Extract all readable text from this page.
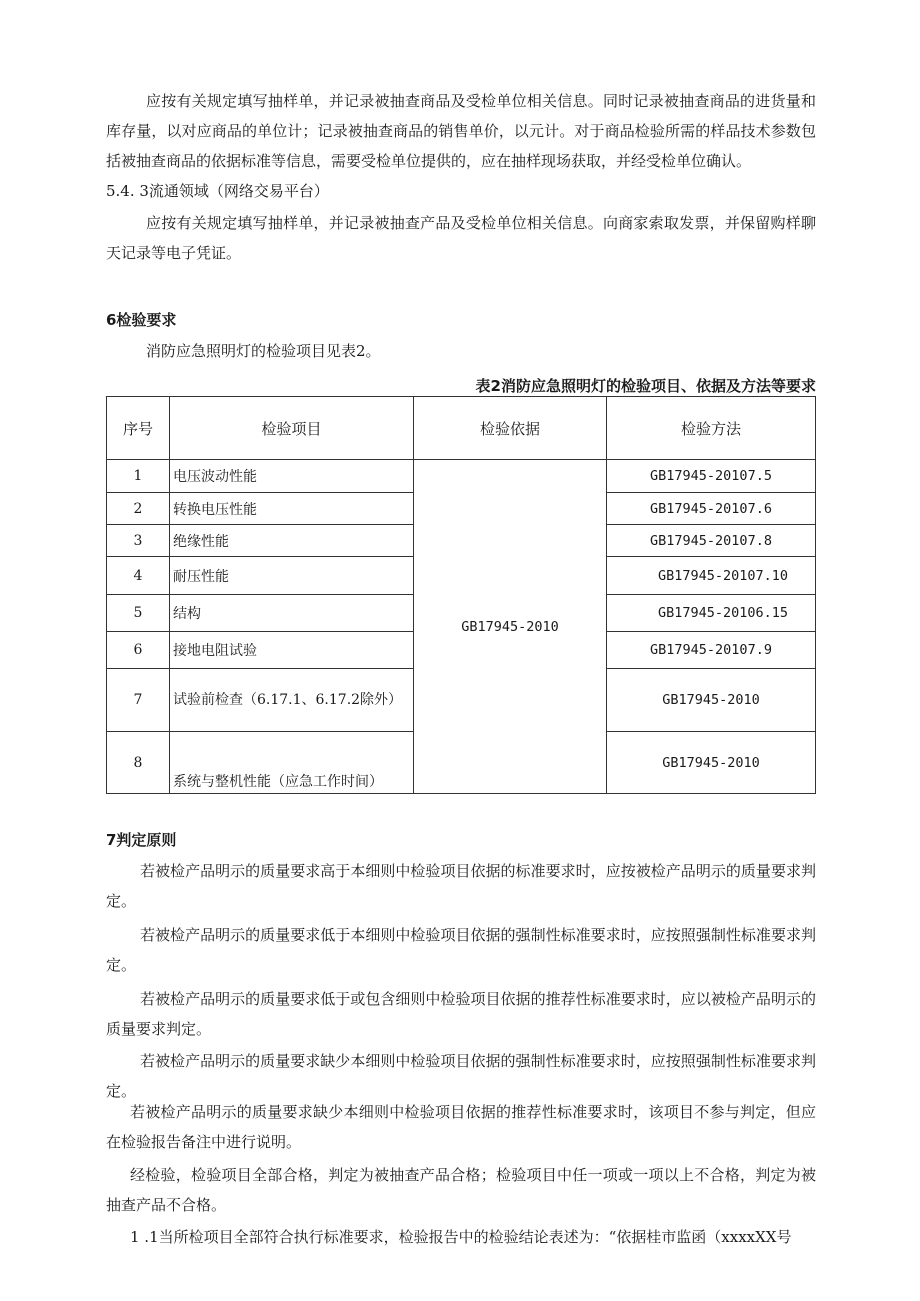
应按有关规定填写抽样单，并记录被抽查商品及受检单位相关信息。同时记录被抽查商品的进货量和库存量，以对应商品的单位计；记录被抽查商品的销售单价，以元计。对于商品检验所需的样品技术参数包括被抽查商品的依据标准等信息，需要受检单位提供的，应在抽样现场获取，并经受检单位确认。

5.4. 3流通领域（网络交易平台）

应按有关规定填写抽样单，并记录被抽查产品及受检单位相关信息。向商家索取发票，并保留购样聊天记录等电子凭证。

6检验要求

消防应急照明灯的检验项目见表2。

表2消防应急照明灯的检验项目、依据及方法等要求
序号	检验项目	检验依据	检验方法
1	电压波动性能	GB17945-2010	GB17945-20107.5
2	转换电压性能		GB17945-20107.6
3	绝缘性能		GB17945-20107.8
4	耐压性能		GB17945-20107.10
5	结构		GB17945-20106.15
6	接地电阻试验		GB17945-20107.9
7	试验前检查（6.17.1、6.17.2除外）		GB17945-2010
8	系统与整机性能（应急工作时间）		GB17945-2010

7判定原则

若被检产品明示的质量要求高于本细则中检验项目依据的标准要求时，应按被检产品明示的质量要求判定。

若被检产品明示的质量要求低于本细则中检验项目依据的强制性标准要求时，应按照强制性标准要求判定。

若被检产品明示的质量要求低于或包含细则中检验项目依据的推荐性标准要求时，应以被检产品明示的质量要求判定。

若被检产品明示的质量要求缺少本细则中检验项目依据的强制性标准要求时，应按照强制性标准要求判定。

若被检产品明示的质量要求缺少本细则中检验项目依据的推荐性标准要求时，该项目不参与判定，但应在检验报告备注中进行说明。

经检验，检验项目全部合格，判定为被抽查产品合格；检验项目中任一项或一项以上不合格，判定为被抽查产品不合格。

1 .1当所检项目全部符合执行标准要求，检验报告中的检验结论表述为：“依据桂市监函（xxxxXX号
